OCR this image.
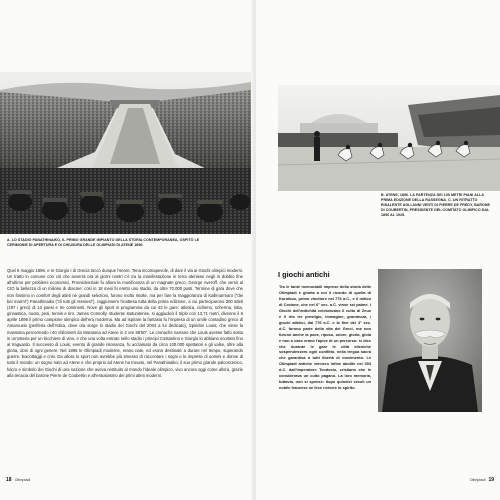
A. LO STADIO PANATHINAIKO, IL PRIMO GRANDE IMPIANTO DELLA STORIA CONTEMPORANEA, OSPITÒ LE CERIMONIE DI APERTURA E DI CHIUSURA DELLE OLIMPIADI DI ATENE 1896.
Quel 6 maggio 1896, e re Giorgio I di Grecia toccò dunque l'onore. Tena incomapevole, di dare il via ai Giochi olimpici moderni. Un tratto in comune con ciò che avverrà ora al giorni nostri c'è tra la manifestazione in terra ateniese negli in dubbio fine all'ultimo per problemi economici. Provvidenziale fu allora la munificenza di un magnate greco, George Averoff, che versò al CIO la bellezza di un milione di dracme: così in 18 mesi fu eretto uno stadio, da oltre 70.000 posti. Termine di gara dove che non fossimo in comfort degli atleti né grandi selezioni, furono molto risolte, ma per fare la maggioranza di Kallimarmaro ("dei bei marmi") Panathinaiko ("di tutti gli Ateniesi"), raggiunsero l'inattesa tutta della prima edizione, a cui parteciparono 300 atleti (197 i greci) di 13 paesi e tre continenti. Nove gli sport in programma da cui 43 le gare: atletica, ciclismo, scherma, lotta, ginnastica, nuoto, pesi, tennis e tiro. James Connolly, studente statunitense, si aggiudicò il triplo con 13,71 metri, divenne il 6 aprile 1896 il primo campione olimpico dell'era moderna. Ma ad ispirare la fantasia fu l'impresa di un umile contadino greco di Amarousio (periferia dell'Attica, dove ora sorge lo stadio dei Giochi del 2004 a lui dedicato), Spiridon Louis, che vinse la maratona percorrendo i 40 chilometri da Maratona ad Atene in 2 ore 58'50". Le cronache narrano che Louis avesse fatto sosta in un'osteria per un bicchiere di vino, e che una volta entrato nello stadio i principi Costantino e Giorgio lo abbiano scortato fino al traguardo. Il successo di Louis, evento di grande risonanza, fu acclamato da circa 100.000 spettatori e gli valse, oltre alla gloria, doni di ogni genere. Nel 1896 le Olimpiadi moderne, erano nate, ed erano destinate a durare nel tempo, superando guerre, boicottaggi e crisi. Da allora lo sport non avrebbe più smesso di raccontare i sogni e le imprese di uomini e donne di tutto il mondo: un sogno nato ad Atene e che proprio ad Atene ha trovato, nel Panathinaiko, il suo primo grande palcoscenico, fulcro e simbolo dei Giochi di una nazione che aveva restituito al mondo l'ideale olimpico, vivo ancora oggi come allora, grazie alla tenacia del barone Pierre de Coubertin e all'entusiasmo dei primi atleti moderni.
18 Olimpiadi
B. ATENE, 1896. LA PARTENZA DEI 100 METRI PIANI ALLA PRIMA EDIZIONE DELLA RASSEGNA. C. UN RITRATTO RISALENTE AGLI ANNI VENTI DI PIERRE DE FREDY, BARONE DI COUBERTIN, PRESIDENTE DEL COMITATO OLIMPICO DAL 1896 AL 1925.
I giochi antichi
Tra le tante memorabili imprese della storia delle Olimpiadi è giunta a noi il ricordo di quella di Koroibos, primo vincitore nel 776 a.C., e il mitico di Crotone, che nel 6° sec. a.C. vinse sei palme. I Giochi dell'antichità celebravano il culto di Zeus e il rito tre prestigio, immagine, grandezza, i giochi atletici, dal 776 a.C. e la fine del 4° sec. d.C. furono parte della vita dei Greci, ma non furono anche la pace, riposo, onore, gloria, gioia e non a caso erano l'apice di un percorso: si dice che durante le gare le città elleniche sospendessero ogni conflitto, nella tregua sacra che garantiva a tutti libertà di movimento. Le Olimpiadi antiche vennero infine abolite nel 393 d.C. dall'imperatore Teodosio, cristiano che le considerava un culto pagano. La loro memoria, tuttavia, non si spense: dopo quindici secoli un nobile francese ne fece rivivere lo spirito.
Olimpiadi 19
